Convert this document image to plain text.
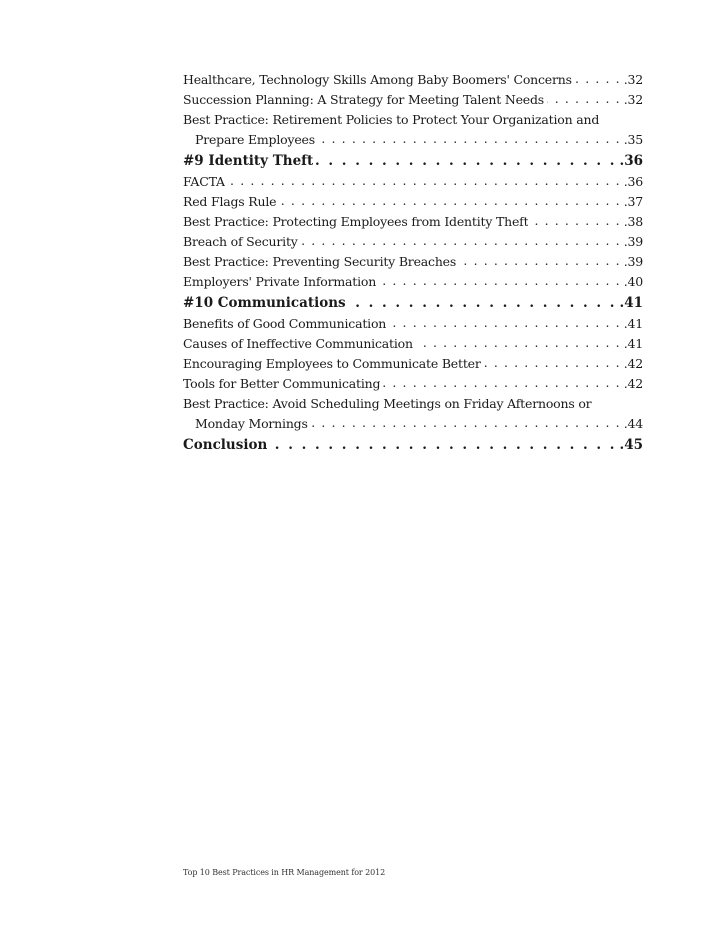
Healthcare, Technology Skills Among Baby Boomers' Concerns . . .	.32
Succession Planning: A Strategy for Meeting Talent Needs . . .	.32
Best Practice: Retirement Policies to Protect Your Organization and
Prepare Employees . . .	.35
#9 Identity Theft . . .	.36
FACTA . . .	.36
Red Flags Rule . . .	.37
Best Practice: Protecting Employees from Identity Theft . . .	.38
Breach of Security . . .	.39
Best Practice: Preventing Security Breaches . . .	.39
Employers' Private Information . . .	.40
#10 Communications . . .	.41
Benefits of Good Communication . . .	.41
Causes of Ineffective Communication . . .	.41
Encouraging Employees to Communicate Better . . .	.42
Tools for Better Communicating . . .	.42
Best Practice: Avoid Scheduling Meetings on Friday Afternoons or
Monday Mornings . . .	.44
Conclusion . . .	.45
Top 10 Best Practices in HR Management for 2012
